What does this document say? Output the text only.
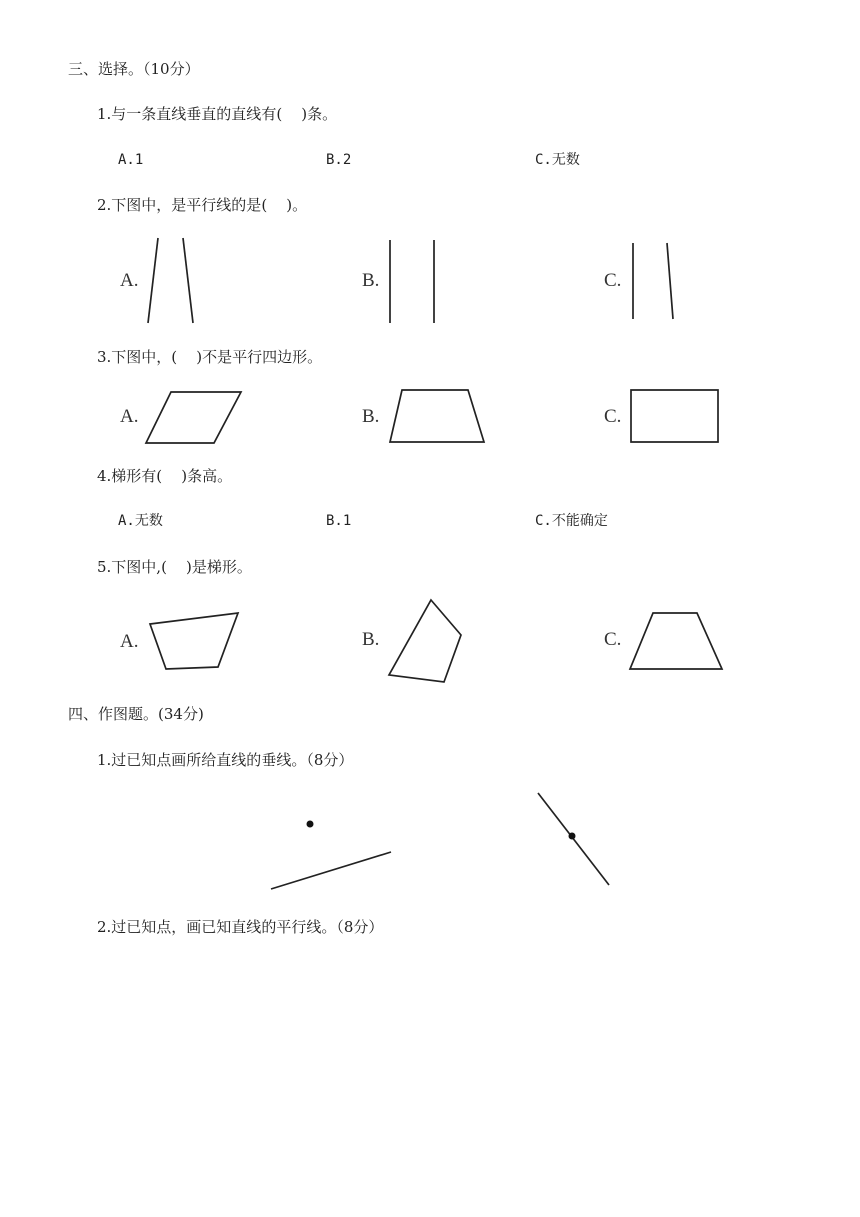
三、选择。（10分）
1.与一条直线垂直的直线有(    )条。
A.1	B.2	C.无数
2.下图中，是平行线的是(    )。
A.	B.	C.
3.下图中，(    )不是平行四边形。
A.	B.	C.
4.梯形有(    )条高。
A.无数	B.1	C.不能确定
5.下图中,(    )是梯形。
A.	B.	C.
四、作图题。(34分)
1.过已知点画所给直线的垂线。（8分）
2.过已知点，画已知直线的平行线。（8分）
